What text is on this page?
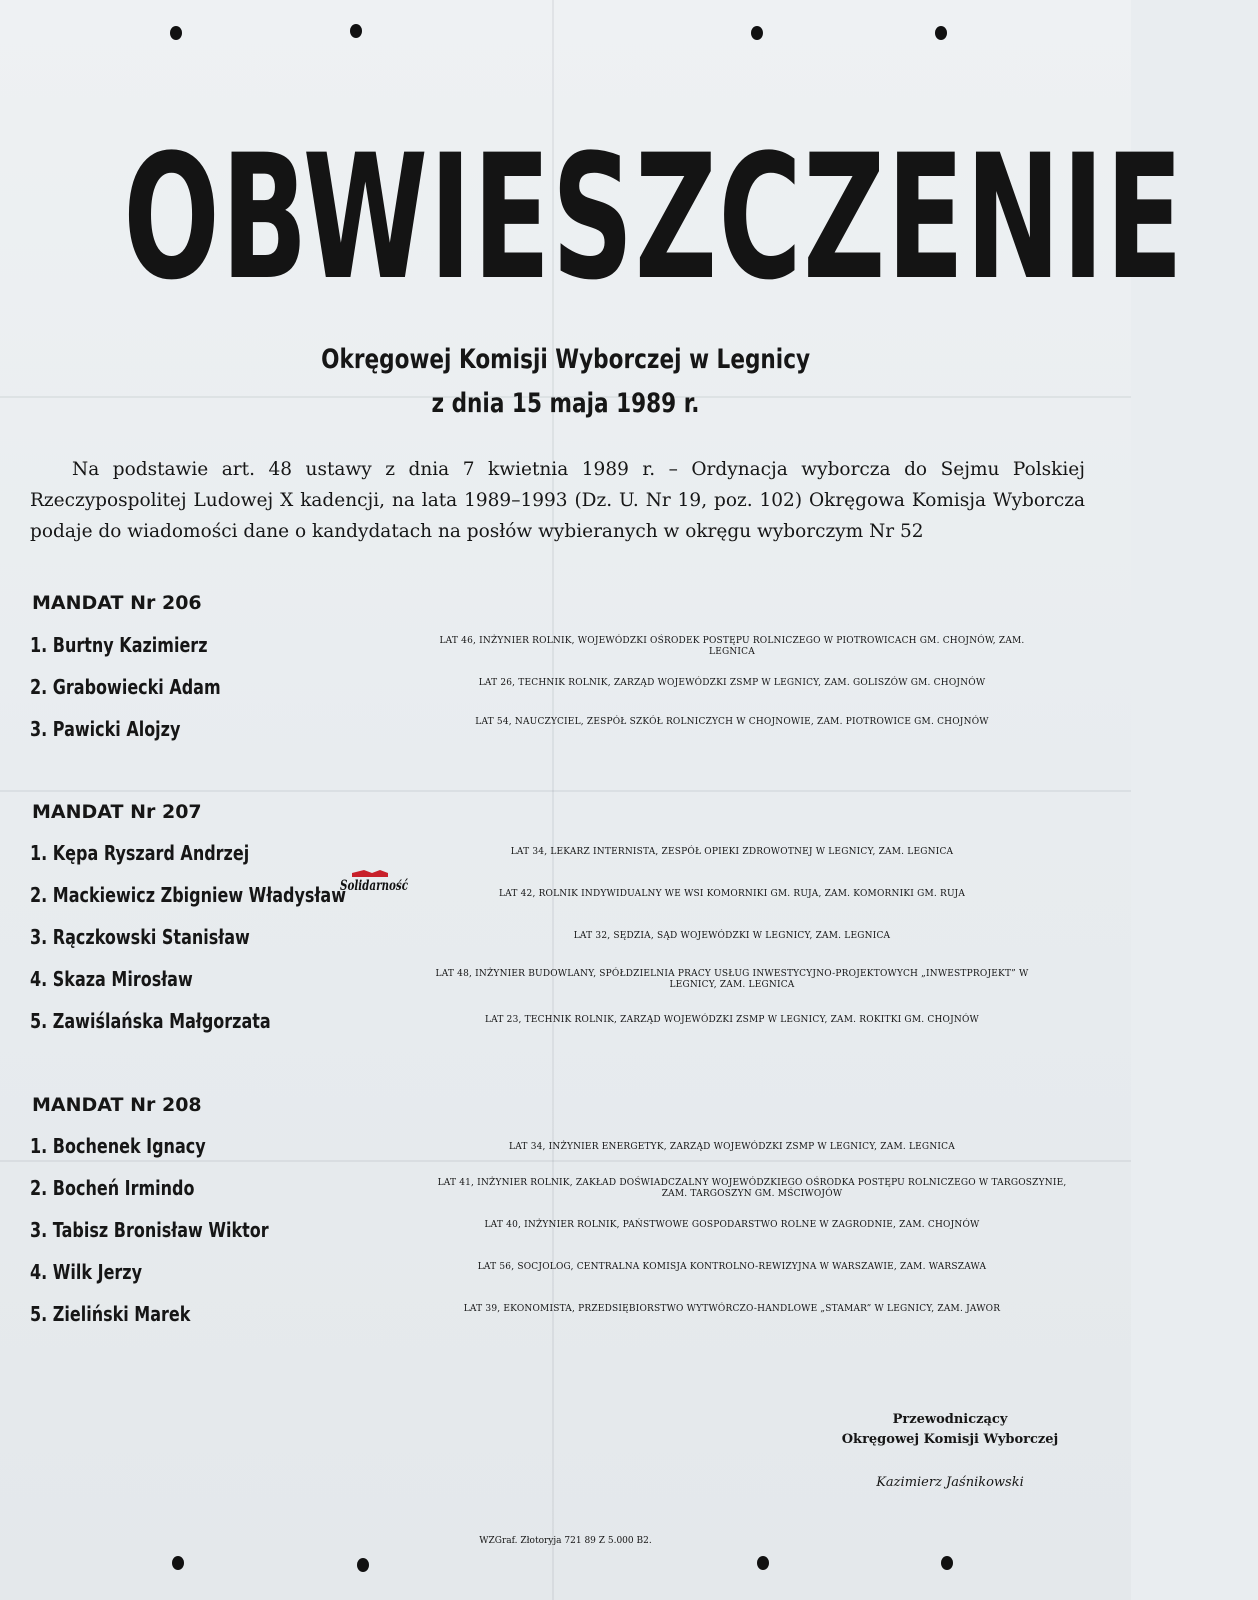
OBWIESZCZENIE
Okręgowej Komisji Wyborczej w Legnicy
z dnia 15 maja 1989 r.
Na podstawie art. 48 ustawy z dnia 7 kwietnia 1989 r. – Ordynacja wyborcza do Sejmu Polskiej Rzeczypospolitej Ludowej X kadencji, na lata 1989–1993 (Dz. U. Nr 19, poz. 102) Okręgowa Komisja Wyborcza podaje do wiadomości dane o kandydatach na posłów wybieranych w okręgu wyborczym Nr 52
MANDAT Nr 206
1. Burtny Kazimierz	LAT 46, INŻYNIER ROLNIK, WOJEWÓDZKI OŚRODEK POSTĘPU ROLNICZEGO W PIOTROWICACH GM. CHOJNÓW, ZAM. LEGNICA
2. Grabowiecki Adam	LAT 26, TECHNIK ROLNIK, ZARZĄD WOJEWÓDZKI ZSMP W LEGNICY, ZAM. GOLISZÓW GM. CHOJNÓW
3. Pawicki Alojzy	LAT 54, NAUCZYCIEL, ZESPÓŁ SZKÓŁ ROLNICZYCH W CHOJNOWIE, ZAM. PIOTROWICE GM. CHOJNÓW
MANDAT Nr 207
1. Kępa Ryszard Andrzej	LAT 34, LEKARZ INTERNISTA, ZESPÓŁ OPIEKI ZDROWOTNEJ W LEGNICY, ZAM. LEGNICA
2. Mackiewicz Zbigniew Władysław	LAT 42, ROLNIK INDYWIDUALNY WE WSI KOMORNIKI GM. RUJA, ZAM. KOMORNIKI GM. RUJA
3. Rączkowski Stanisław	LAT 32, SĘDZIA, SĄD WOJEWÓDZKI W LEGNICY, ZAM. LEGNICA
4. Skaza Mirosław	LAT 48, INŻYNIER BUDOWLANY, SPÓŁDZIELNIA PRACY USŁUG INWESTYCYJNO-PROJEKTOWYCH „INWESTPROJEKT” W LEGNICY, ZAM. LEGNICA
5. Zawiślańska Małgorzata	LAT 23, TECHNIK ROLNIK, ZARZĄD WOJEWÓDZKI ZSMP W LEGNICY, ZAM. ROKITKI GM. CHOJNÓW
Solidarność
MANDAT Nr 208
1. Bochenek Ignacy	LAT 34, INŻYNIER ENERGETYK, ZARZĄD WOJEWÓDZKI ZSMP W LEGNICY, ZAM. LEGNICA
2. Bocheń Irmindo	LAT 41, INŻYNIER ROLNIK, ZAKŁAD DOŚWIADCZALNY WOJEWÓDZKIEGO OŚRODKA POSTĘPU ROLNICZEGO W TARGOSZYNIE, ZAM. TARGOSZYN GM. MŚCIWOJÓW
3. Tabisz Bronisław Wiktor	LAT 40, INŻYNIER ROLNIK, PAŃSTWOWE GOSPODARSTWO ROLNE W ZAGRODNIE, ZAM. CHOJNÓW
4. Wilk Jerzy	LAT 56, SOCJOLOG, CENTRALNA KOMISJA KONTROLNO-REWIZYJNA W WARSZAWIE, ZAM. WARSZAWA
5. Zieliński Marek	LAT 39, EKONOMISTA, PRZEDSIĘBIORSTWO WYTWÓRCZO-HANDLOWE „STAMAR” W LEGNICY, ZAM. JAWOR
Przewodniczący
Okręgowej Komisji Wyborczej
Kazimierz Jaśnikowski
WZGraf. Złotoryja 721 89 Z 5.000 B2.
